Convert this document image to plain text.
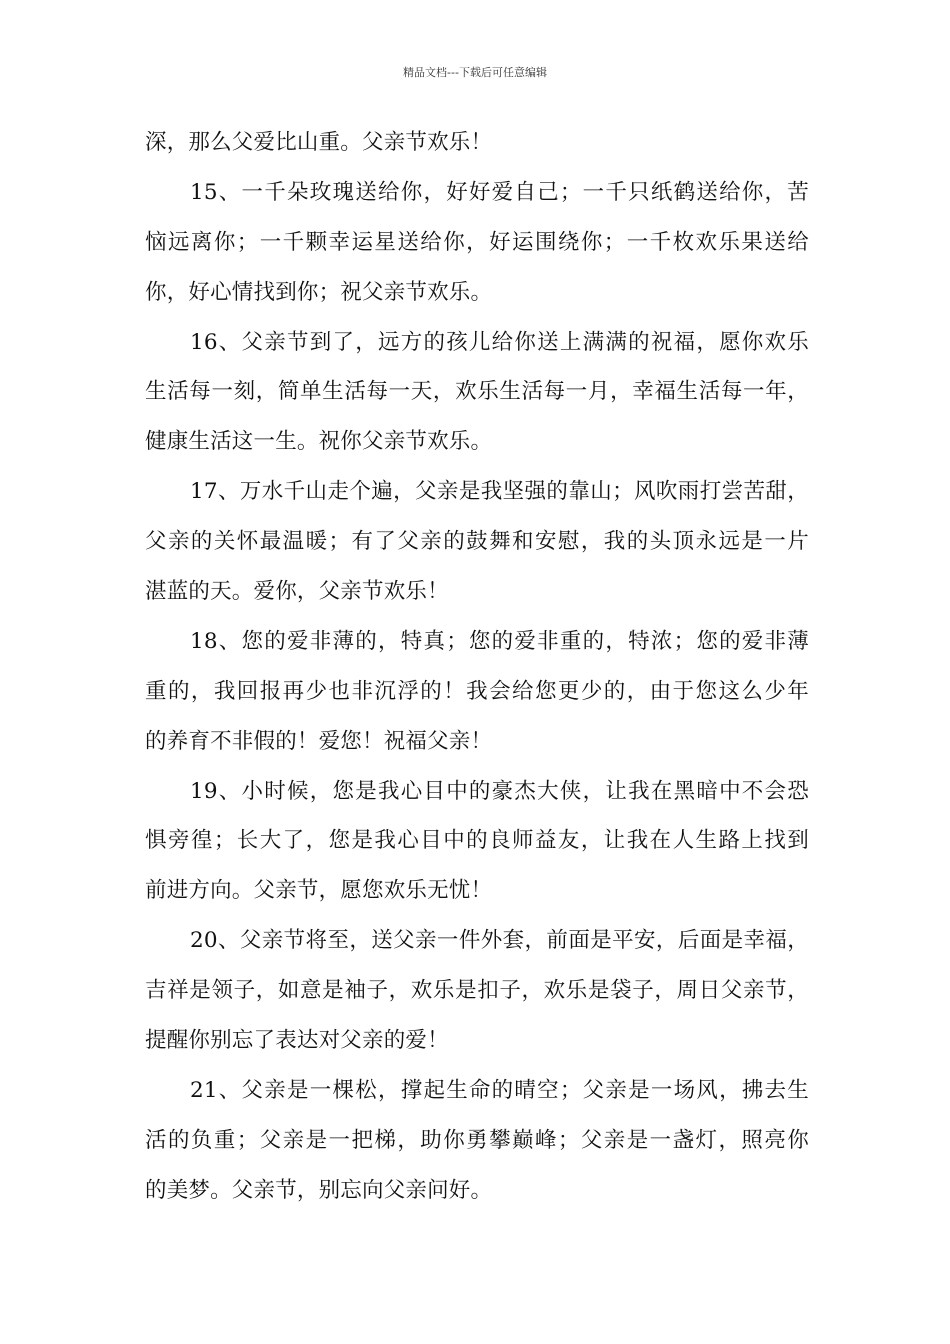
精品文档---下载后可任意编辑
深，那么父爱比山重。父亲节欢乐！
15、一千朵玫瑰送给你，好好爱自己；一千只纸鹤送给你，苦
恼远离你；一千颗幸运星送给你，好运围绕你；一千枚欢乐果送给
你，好心情找到你；祝父亲节欢乐。
16、父亲节到了，远方的孩儿给你送上满满的祝福，愿你欢乐
生活每一刻，简单生活每一天，欢乐生活每一月，幸福生活每一年，
健康生活这一生。祝你父亲节欢乐。
17、万水千山走个遍，父亲是我坚强的靠山；风吹雨打尝苦甜，
父亲的关怀最温暖；有了父亲的鼓舞和安慰，我的头顶永远是一片
湛蓝的天。爱你，父亲节欢乐！
18、您的爱非薄的，特真；您的爱非重的，特浓；您的爱非薄
重的，我回报再少也非沉浮的！我会给您更少的，由于您这么少年
的养育不非假的！爱您！祝福父亲！
19、小时候，您是我心目中的豪杰大侠，让我在黑暗中不会恐
惧旁徨；长大了，您是我心目中的良师益友，让我在人生路上找到
前进方向。父亲节，愿您欢乐无忧！
20、父亲节将至，送父亲一件外套，前面是平安，后面是幸福，
吉祥是领子，如意是袖子，欢乐是扣子，欢乐是袋子，周日父亲节，
提醒你别忘了表达对父亲的爱！
21、父亲是一棵松，撑起生命的晴空；父亲是一场风，拂去生
活的负重；父亲是一把梯，助你勇攀巅峰；父亲是一盏灯，照亮你
的美梦。父亲节，别忘向父亲问好。
